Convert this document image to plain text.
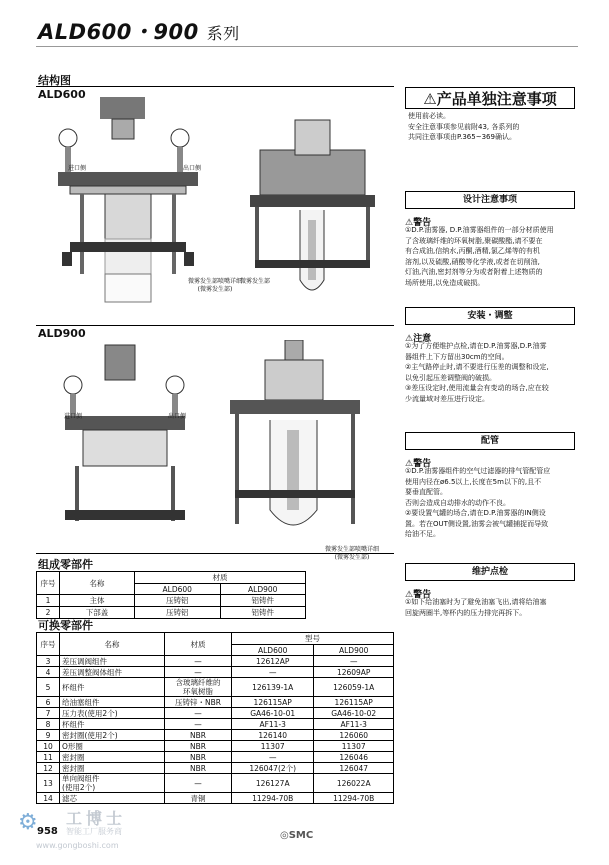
ALD600・900 系列
结构图
ALD600
进口侧	出口侧
微雾发生部喷嘴详细
(微雾发生部)
微雾发生部
ALD900
进口侧	出口侧
微雾发生部喷嘴详细
(微雾发生部)
组成零部件
序号	名称	材质	
		ALD600	ALD900
1	主体	压铸铝	铝铸件
2	下部盖	压铸铝	铝铸件
可换零部件
序号	名称	材质	型号	
			ALD600	ALD900
3	差压调阀组件	—	12612AP	—
4	差压调整阀体组件	—	—	12609AP
5	杯组件	含玻璃纤维的
环氧树脂	126139-1A	126059-1A
6	给油塞组件	压铸锌・NBR	126115AP	126115AP
7	压力表(使用2个)	—	GA46-10-01	GA46-10-02
8	杯组件	—	AF11-3	AF11-3
9	密封圈(使用2个)	NBR	126140	126060
10	O形圈	NBR	11307	11307
11	密封圈	NBR	—	126046
12	密封圈	NBR	126047(2个)	126047
13	单向阀组件
(使用2个)	—	126127A	126022A
14	滤芯	青铜	11294-70B	11294-70B
⚠产品单独注意事项
使用前必读。
安全注意事项参见前附43, 各系列的
共同注意事项由P.365~369确认。
设计注意事项
⚠警告
①D.P.油雾器, D.P.油雾器组件的一部分材质使用
了含玻璃纤维的环氧树脂,聚碳酸酯,请不要在
有合成油,信纳水,丙酮,酒精,氯乙烯等的有机
溶剂,以及硫酸,硝酸等化学液,或者在切削油,
灯油,汽油,密封剂等分为或者附着上述物质的
场所使用,以免造成破损。
安装・调整
⚠注意
①为了方便维护点检,请在D.P.油雾器,D.P.油雾
器组件上下方留出30cm的空间。
②主气路停止时,请不要进行压差的调整和设定,
以免引起压差调整阀的破损。
③差压设定时,使用流量会有变动的场合,应在较
少流量域对差压进行设定。
配管
⚠警告
①D.P.油雾器组件的空气过滤器的排气管配管应
使用内径在ø6.5以上,长度在5m以下的,且不
要垂直配管。
否则会造成自动排水的动作不良。
②要设置气罐的场合,请在D.P.油雾器的IN侧设
置。若在OUT侧设置,油雾会被气罐捕捉而导致
给油不足。
维护点检
⚠警告
①如下给油塞时为了避免油塞飞出,请将给油塞
回旋两圈半,等杯内的压力排完再拆下。
⚙ 工博士
智能工厂服务商
958
www.gongboshi.com
◎SMC
